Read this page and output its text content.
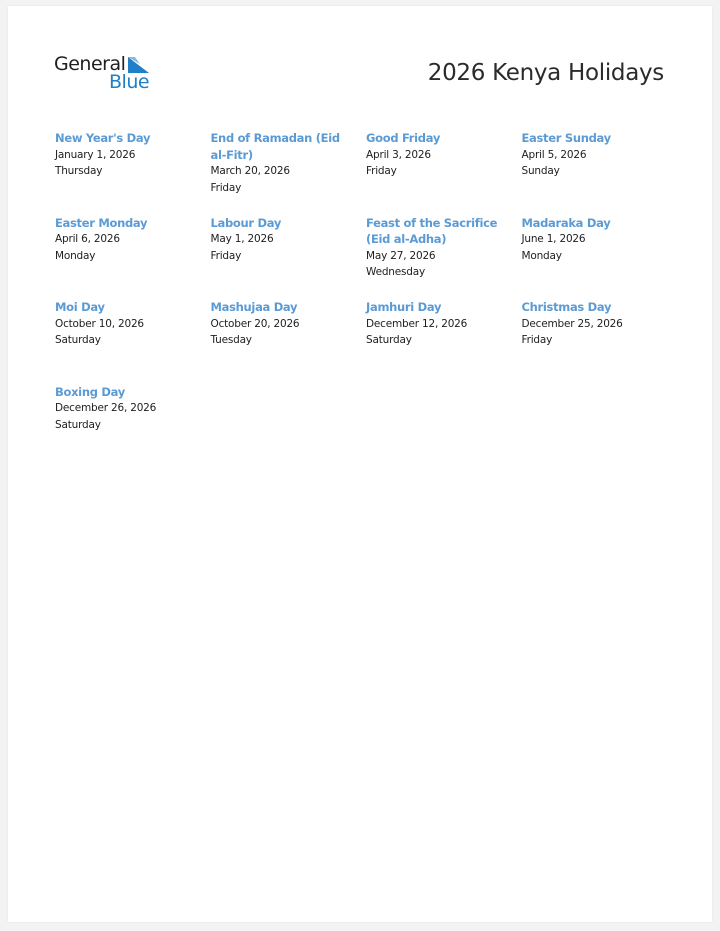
General
Blue	2026 Kenya Holidays
New Year's Day
January 1, 2026
Thursday
End of Ramadan (Eid al-Fitr)
March 20, 2026
Friday
Good Friday
April 3, 2026
Friday
Easter Sunday
April 5, 2026
Sunday
Easter Monday
April 6, 2026
Monday
Labour Day
May 1, 2026
Friday
Feast of the Sacrifice (Eid al-Adha)
May 27, 2026
Wednesday
Madaraka Day
June 1, 2026
Monday
Moi Day
October 10, 2026
Saturday
Mashujaa Day
October 20, 2026
Tuesday
Jamhuri Day
December 12, 2026
Saturday
Christmas Day
December 25, 2026
Friday
Boxing Day
December 26, 2026
Saturday
